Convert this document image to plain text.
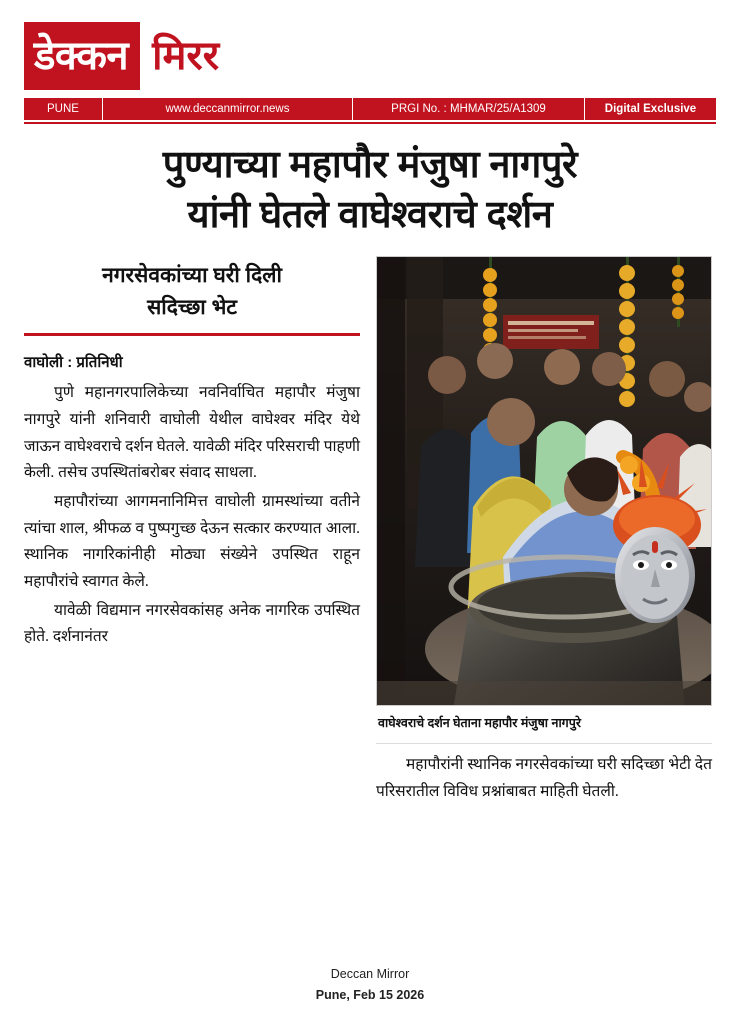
डेक्कन मिरर
PUNE	www.deccanmirror.news	PRGI No. : MHMAR/25/A1309	Digital Exclusive
पुण्याच्या महापौर मंजुषा नागपुरे
यांनी घेतले वाघेश्वराचे दर्शन
नगरसेवकांच्या घरी दिली
सदिच्छा भेट
वाघोली : प्रतिनिधी

पुणे महानगरपालिकेच्या नवनिर्वाचित महापौर मंजुषा नागपुरे यांनी शनिवारी वाघोली येथील वाघेश्वर मंदिर येथे जाऊन वाघेश्वराचे दर्शन घेतले. यावेळी मंदिर परिसराची पाहणी केली. तसेच उपस्थितांबरोबर संवाद साधला.

महापौरांच्या आगमनानिमित्त वाघोली ग्रामस्थांच्या वतीने त्यांचा शाल, श्रीफळ व पुष्पगुच्छ देऊन सत्कार करण्यात आला. स्थानिक नागरिकांनीही मोठ्या संख्येने उपस्थित राहून महापौरांचे स्वागत केले.

यावेळी विद्यमान नगरसेवकांसह अनेक नागरिक उपस्थित होते. दर्शनानंतर

वाघेश्वराचे दर्शन घेताना महापौर मंजुषा नागपुरे

महापौरांनी स्थानिक नगरसेवकांच्या घरी सदिच्छा भेटी देत परिसरातील विविध प्रश्नांबाबत माहिती घेतली.

Deccan Mirror
Pune, Feb 15 2026
